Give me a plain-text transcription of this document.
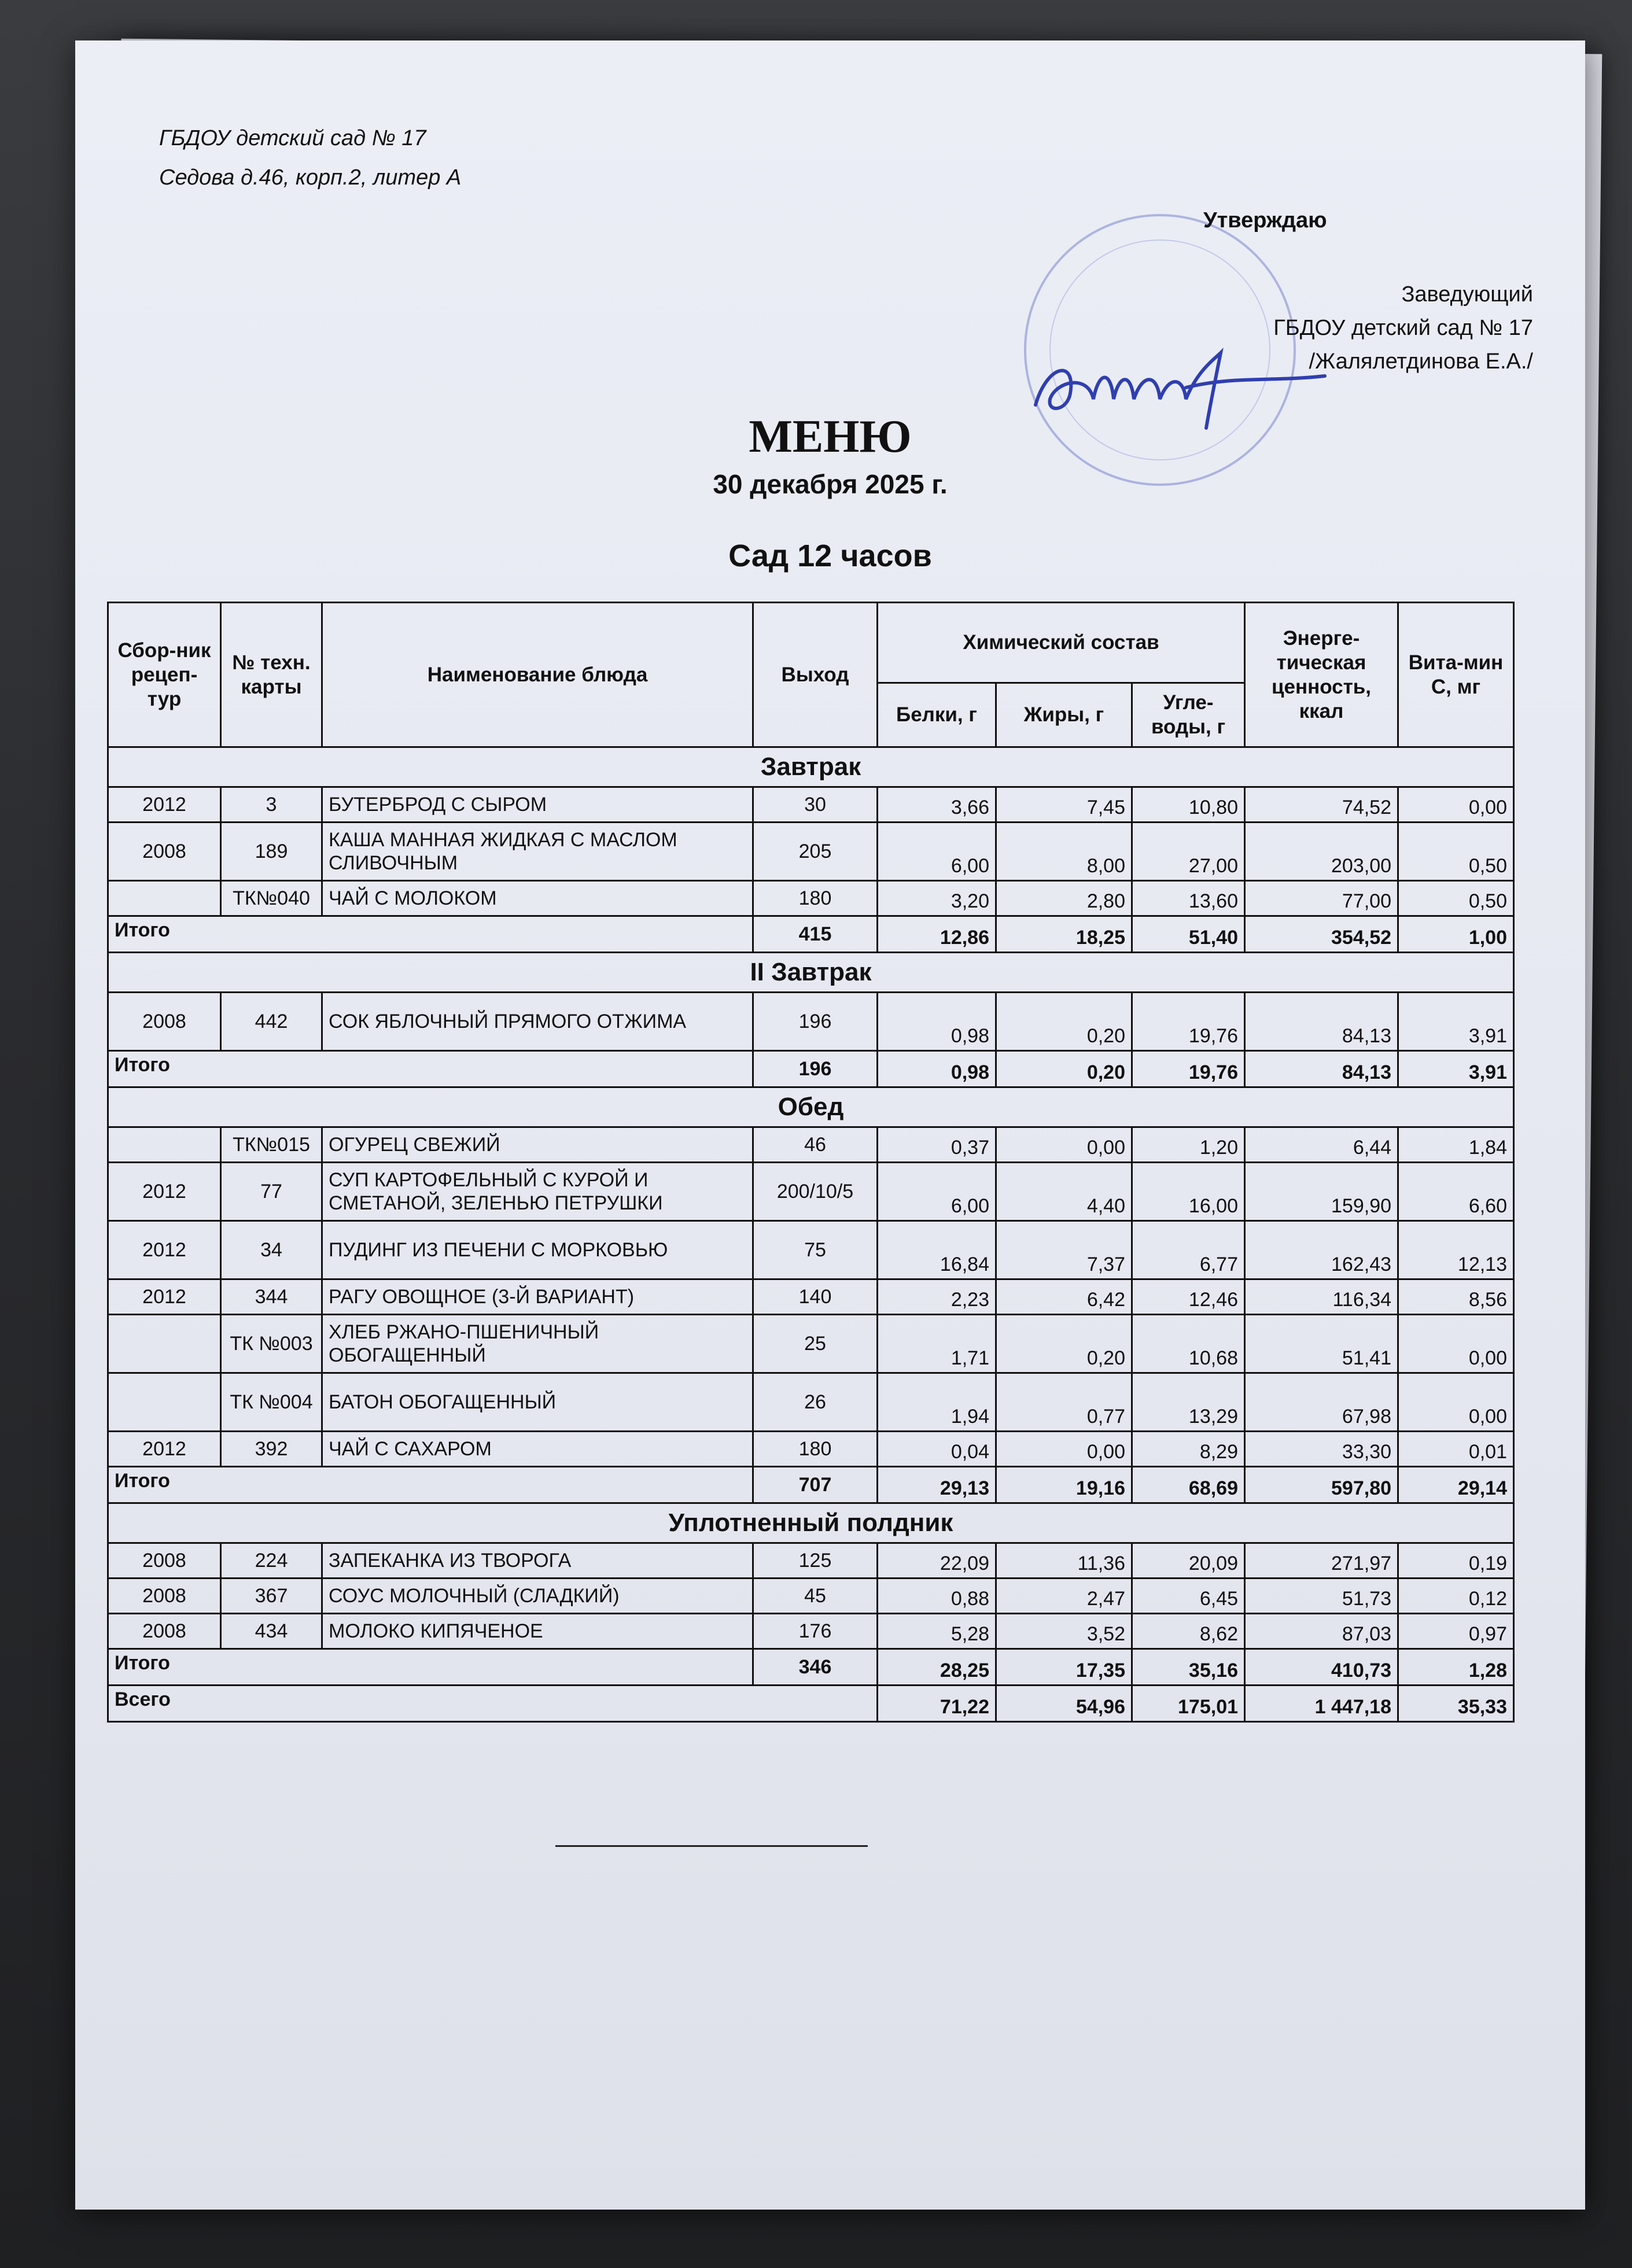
ГБДОУ детский сад № 17
Седова д.46, корп.2, литер А
Утверждаю
Заведующий
ГБДОУ детский сад № 17
/Жалялетдинова Е.А./
МЕНЮ
30 декабря 2025 г.
Сад 12 часов
Сбор-ник рецеп-тур	№ техн. карты	Наименование блюда	Выход	Химический состав			Энерге-тическая ценность, ккал	Вита-мин С, мг
				Белки, г	Жиры, г	Угле-воды, г		
Завтрак								
2012	3	БУТЕРБРОД С СЫРОМ	30	3,66	7,45	10,80	74,52	0,00
2008	189	КАША МАННАЯ ЖИДКАЯ С МАСЛОМ СЛИВОЧНЫМ	205	6,00	8,00	27,00	203,00	0,50
	ТК№040	ЧАЙ С МОЛОКОМ	180	3,20	2,80	13,60	77,00	0,50
Итого			415	12,86	18,25	51,40	354,52	1,00
II Завтрак								
2008	442	СОК ЯБЛОЧНЫЙ ПРЯМОГО ОТЖИМА	196	0,98	0,20	19,76	84,13	3,91
Итого			196	0,98	0,20	19,76	84,13	3,91
Обед								
	ТК№015	ОГУРЕЦ СВЕЖИЙ	46	0,37	0,00	1,20	6,44	1,84
2012	77	СУП КАРТОФЕЛЬНЫЙ С КУРОЙ И СМЕТАНОЙ, ЗЕЛЕНЬЮ ПЕТРУШКИ	200/10/5	6,00	4,40	16,00	159,90	6,60
2012	34	ПУДИНГ ИЗ ПЕЧЕНИ С МОРКОВЬЮ	75	16,84	7,37	6,77	162,43	12,13
2012	344	РАГУ ОВОЩНОЕ (3-Й ВАРИАНТ)	140	2,23	6,42	12,46	116,34	8,56
	ТК №003	ХЛЕБ РЖАНО-ПШЕНИЧНЫЙ ОБОГАЩЕННЫЙ	25	1,71	0,20	10,68	51,41	0,00
	ТК №004	БАТОН ОБОГАЩЕННЫЙ	26	1,94	0,77	13,29	67,98	0,00
2012	392	ЧАЙ С САХАРОМ	180	0,04	0,00	8,29	33,30	0,01
Итого			707	29,13	19,16	68,69	597,80	29,14
Уплотненный полдник								
2008	224	ЗАПЕКАНКА ИЗ ТВОРОГА	125	22,09	11,36	20,09	271,97	0,19
2008	367	СОУС МОЛОЧНЫЙ (СЛАДКИЙ)	45	0,88	2,47	6,45	51,73	0,12
2008	434	МОЛОКО КИПЯЧЕНОЕ	176	5,28	3,52	8,62	87,03	0,97
Итого			346	28,25	17,35	35,16	410,73	1,28
Всего				71,22	54,96	175,01	1 447,18	35,33
